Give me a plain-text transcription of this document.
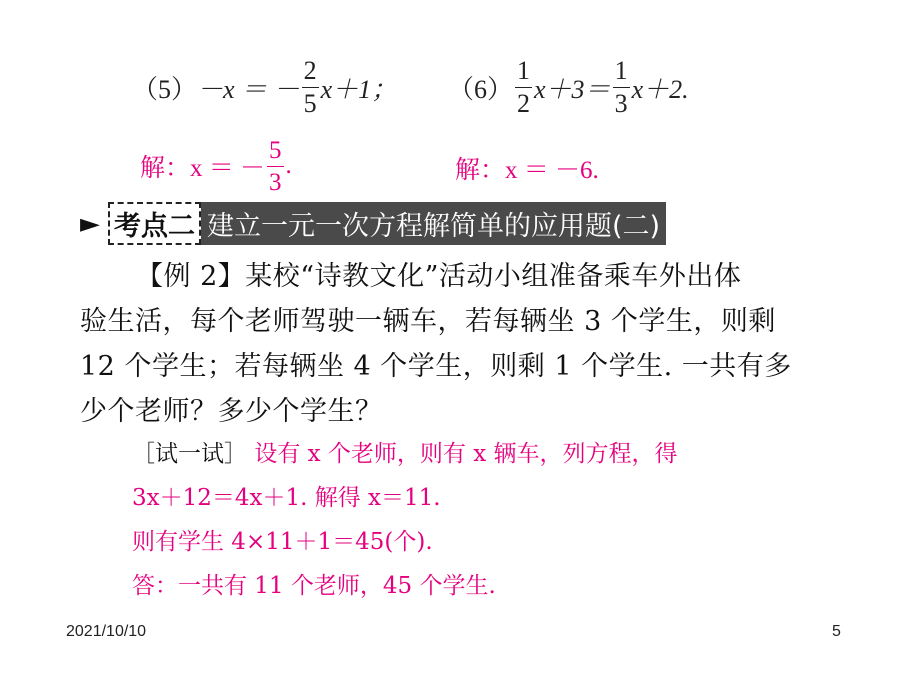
（5） －x ＝ － $\frac{2}{5} x+1$； $(6) \frac{1}{2} x+3= \frac{1}{3} x+2$.
解：x ＝ － $\frac{5}{3}$ .	解：x ＝ －6.
► 考点二 建立一元一次方程解简单的应用题(二)
【例 2】某校“诗教文化”活动小组准备乘车外出体
验生活，每个老师驾驶一辆车，若每辆坐 3 个学生，则剩
12 个学生；若每辆坐 4 个学生，则剩 1 个学生. 一共有多
少个老师？多少个学生？
［试一试］ 设有 x 个老师，则有 x 辆车，列方程，得
3x＋12＝4x＋1. 解得 x＝11.
则有学生 4×11＋1＝45(个).
答：一共有 11 个老师，45 个学生.
2021/10/10	5
